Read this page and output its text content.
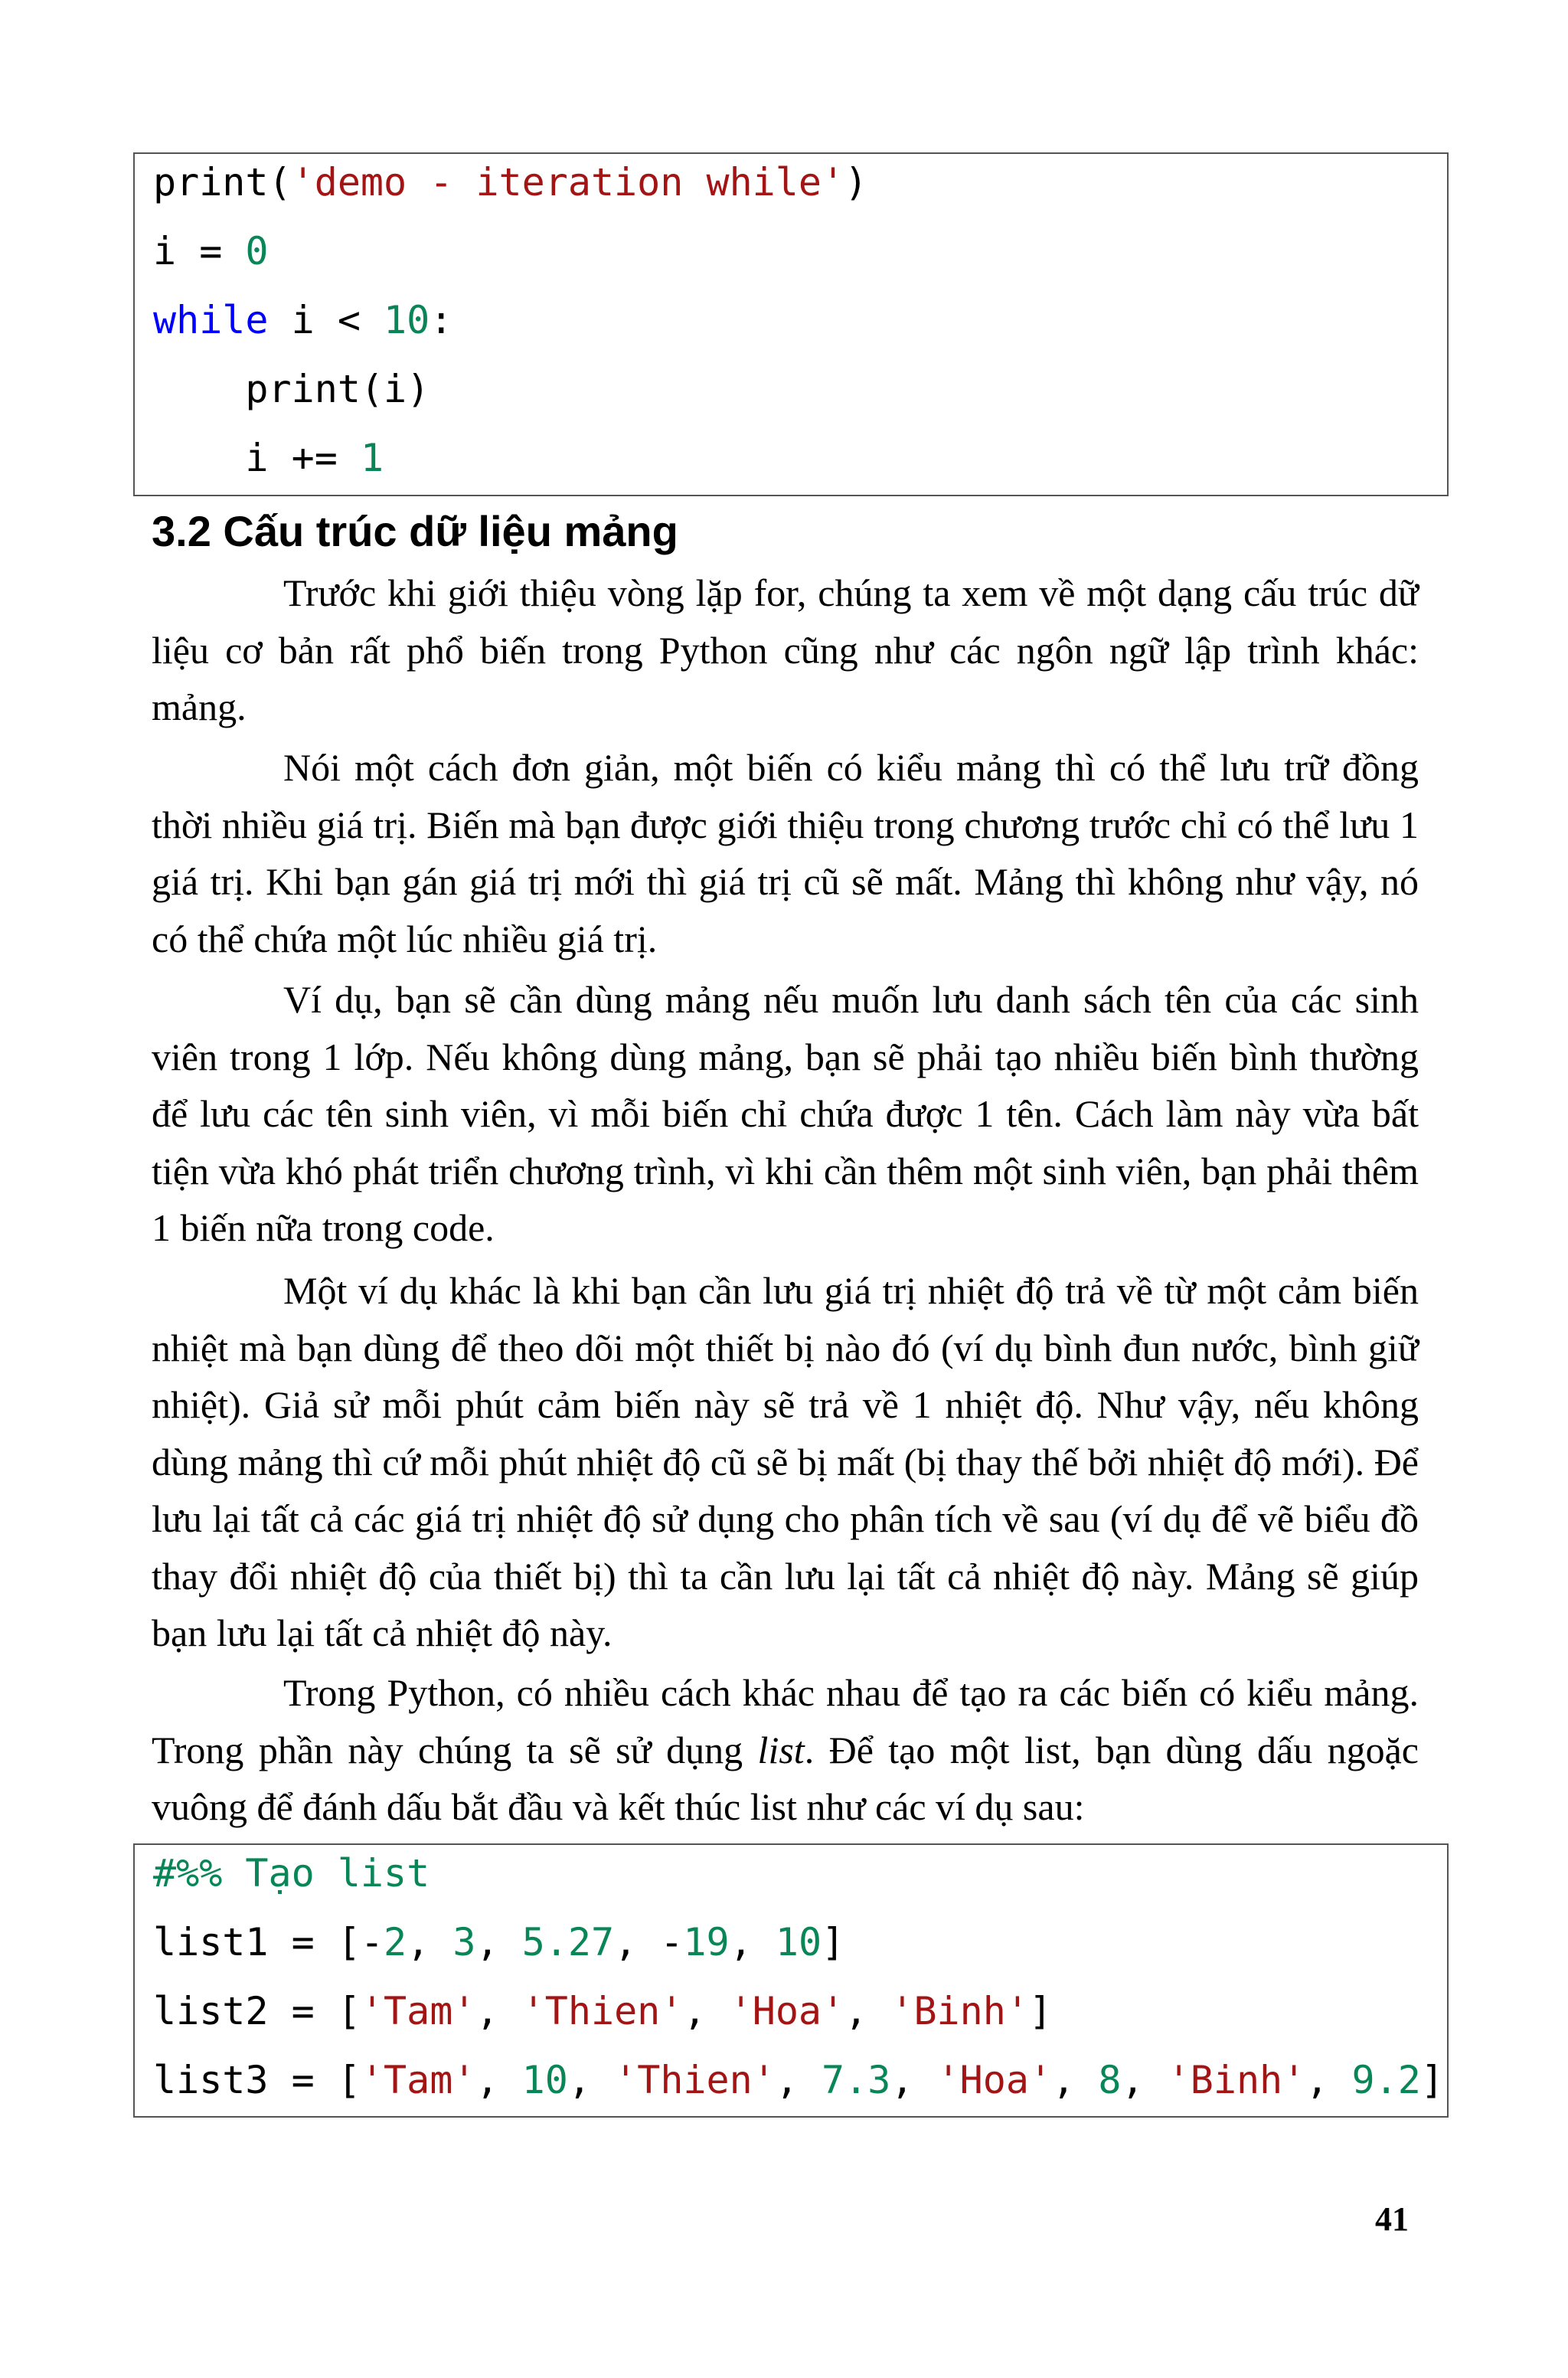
print('demo - iteration while')
i = 0
while i < 10:
print(i)
i += 1
3.2 Cấu trúc dữ liệu mảng

Trước khi giới thiệu vòng lặp for, chúng ta xem về một dạng cấu trúc dữ liệu cơ bản rất phổ biến trong Python cũng như các ngôn ngữ lập trình khác: mảng.

Nói một cách đơn giản, một biến có kiểu mảng thì có thể lưu trữ đồng thời nhiều giá trị. Biến mà bạn được giới thiệu trong chương trước chỉ có thể lưu 1 giá trị. Khi bạn gán giá trị mới thì giá trị cũ sẽ mất. Mảng thì không như vậy, nó có thể chứa một lúc nhiều giá trị.

Ví dụ, bạn sẽ cần dùng mảng nếu muốn lưu danh sách tên của các sinh viên trong 1 lớp. Nếu không dùng mảng, bạn sẽ phải tạo nhiều biến bình thường để lưu các tên sinh viên, vì mỗi biến chỉ chứa được 1 tên. Cách làm này vừa bất tiện vừa khó phát triển chương trình, vì khi cần thêm một sinh viên, bạn phải thêm 1 biến nữa trong code.

Một ví dụ khác là khi bạn cần lưu giá trị nhiệt độ trả về từ một cảm biến nhiệt mà bạn dùng để theo dõi một thiết bị nào đó (ví dụ bình đun nước, bình giữ nhiệt). Giả sử mỗi phút cảm biến này sẽ trả về 1 nhiệt độ. Như vậy, nếu không dùng mảng thì cứ mỗi phút nhiệt độ cũ sẽ bị mất (bị thay thế bởi nhiệt độ mới). Để lưu lại tất cả các giá trị nhiệt độ sử dụng cho phân tích về sau (ví dụ để vẽ biểu đồ thay đổi nhiệt độ của thiết bị) thì ta cần lưu lại tất cả nhiệt độ này. Mảng sẽ giúp bạn lưu lại tất cả nhiệt độ này.

Trong Python, có nhiều cách khác nhau để tạo ra các biến có kiểu mảng. Trong phần này chúng ta sẽ sử dụng list. Để tạo một list, bạn dùng dấu ngoặc vuông để đánh dấu bắt đầu và kết thúc list như các ví dụ sau:

#%% Tạo list
list1 = [-2, 3, 5.27, -19, 10]
list2 = ['Tam', 'Thien', 'Hoa', 'Binh']
list3 = ['Tam', 10, 'Thien', 7.3, 'Hoa', 8, 'Binh', 9.2]
41
